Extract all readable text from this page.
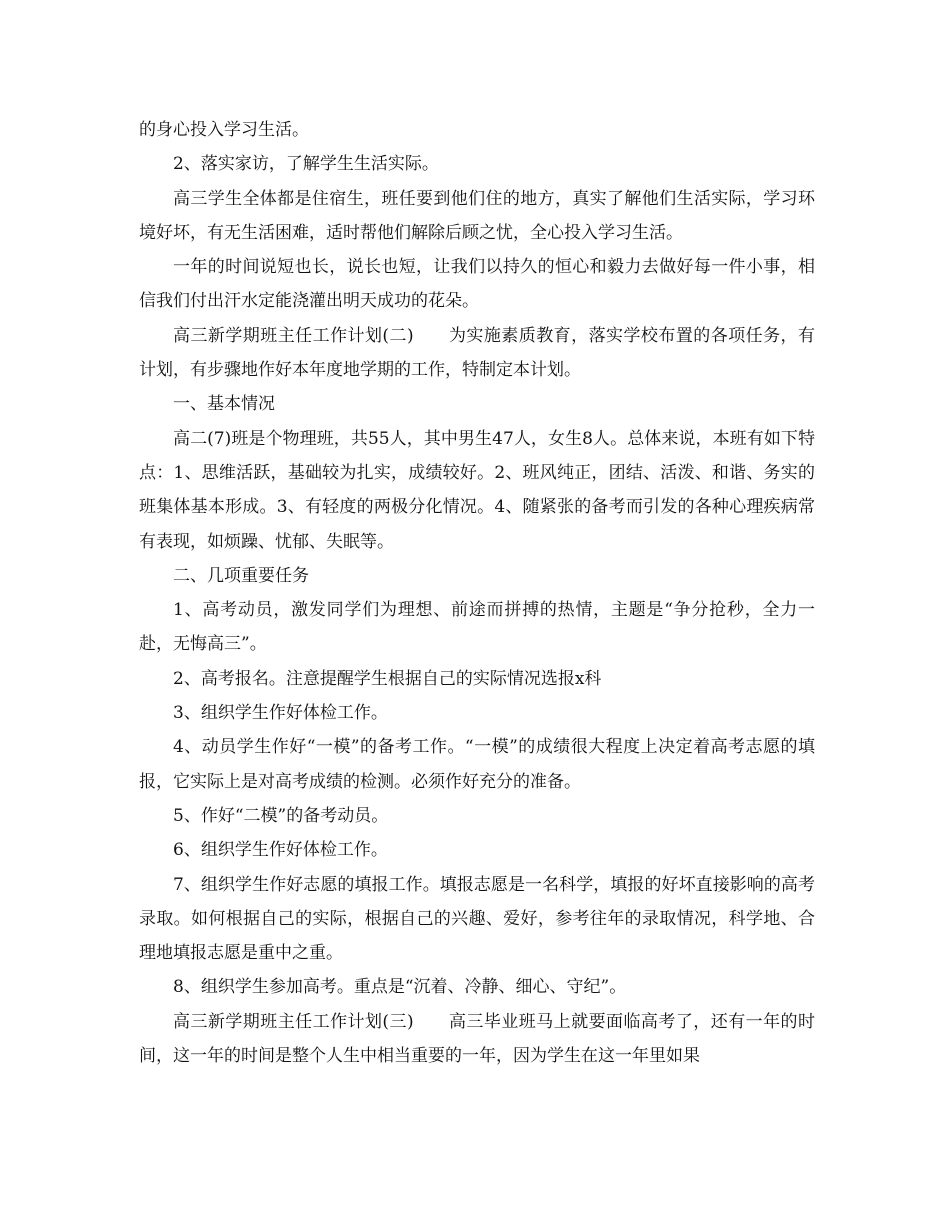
的身心投入学习生活。

2、落实家访，了解学生生活实际。

高三学生全体都是住宿生，班任要到他们住的地方，真实了解他们生活实际，学习环境好坏，有无生活困难，适时帮他们解除后顾之忧，全心投入学习生活。

一年的时间说短也长，说长也短，让我们以持久的恒心和毅力去做好每一件小事，相信我们付出汗水定能浇灌出明天成功的花朵。

高三新学期班主任工作计划(二)　　为实施素质教育，落实学校布置的各项任务，有计划，有步骤地作好本年度地学期的工作，特制定本计划。

一、基本情况

高二(7)班是个物理班，共55人，其中男生47人，女生8人。总体来说，本班有如下特点：1、思维活跃，基础较为扎实，成绩较好。2、班风纯正，团结、活泼、和谐、务实的班集体基本形成。3、有轻度的两极分化情况。4、随紧张的备考而引发的各种心理疾病常有表现，如烦躁、忧郁、失眠等。

二、几项重要任务

1、高考动员，激发同学们为理想、前途而拼搏的热情，主题是“争分抢秒，全力一赴，无悔高三”。

2、高考报名。注意提醒学生根据自己的实际情况选报x科

3、组织学生作好体检工作。

4、动员学生作好“一模”的备考工作。“一模”的成绩很大程度上决定着高考志愿的填报，它实际上是对高考成绩的检测。必须作好充分的准备。

5、作好“二模”的备考动员。

6、组织学生作好体检工作。

7、组织学生作好志愿的填报工作。填报志愿是一名科学，填报的好坏直接影响的高考录取。如何根据自己的实际，根据自己的兴趣、爱好，参考往年的录取情况，科学地、合理地填报志愿是重中之重。

8、组织学生参加高考。重点是“沉着、冷静、细心、守纪”。

高三新学期班主任工作计划(三)　　高三毕业班马上就要面临高考了，还有一年的时间，这一年的时间是整个人生中相当重要的一年，因为学生在这一年里如果
